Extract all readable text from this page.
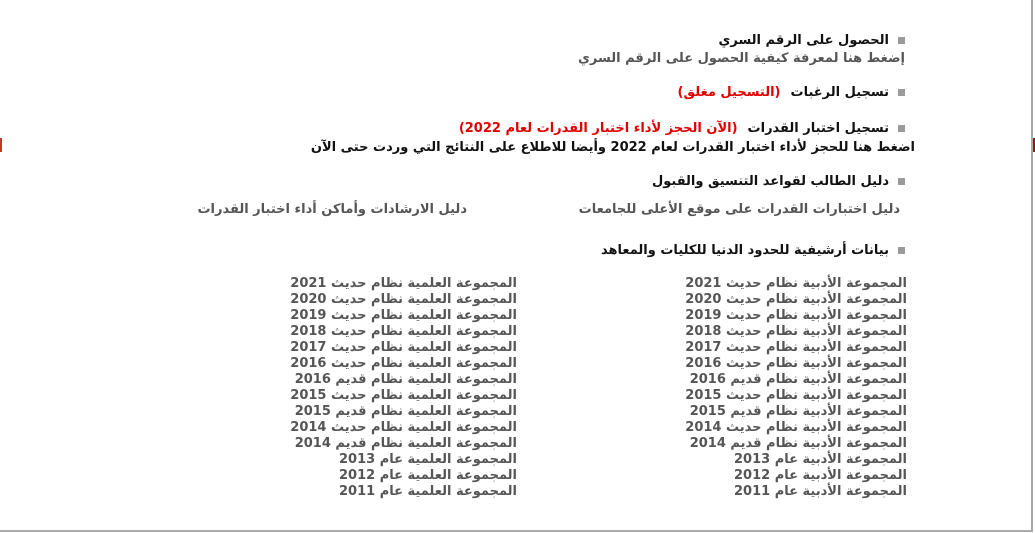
الحصول على الرقم السري
إضغط هنا لمعرفة كيفية الحصول على الرقم السري
تسجيل الرغبات(التسجيل مغلق)
تسجيل اختبار القدرات(الآن الحجز لأداء اختبار القدرات لعام 2022)
اضغط هنا للحجز لأداء اختبار القدرات لعام 2022 وأيضا للاطلاع على النتائج التي وردت حتى الآن
دليل الطالب لقواعد التنسيق والقبول
دليل اختبارات القدرات على موقع الأعلى للجامعات
دليل الارشادات وأماكن أداء اختبار القدرات
بيانات أرشيفية للحدود الدنيا للكليات والمعاهد
المجموعة الأدبية نظام حديث 2021
المجموعة الأدبية نظام حديث 2020
المجموعة الأدبية نظام حديث 2019
المجموعة الأدبية نظام حديث 2018
المجموعة الأدبية نظام حديث 2017
المجموعة الأدبية نظام حديث 2016
المجموعة الأدبية نظام قديم 2016
المجموعة الأدبية نظام حديث 2015
المجموعة الأدبية نظام قديم 2015
المجموعة الأدبية نظام حديث 2014
المجموعة الأدبية نظام قديم 2014
المجموعة الأدبية عام 2013
المجموعة الأدبية عام 2012
المجموعة الأدبية عام 2011
المجموعة العلمية نظام حديث 2021
المجموعة العلمية نظام حديث 2020
المجموعة العلمية نظام حديث 2019
المجموعة العلمية نظام حديث 2018
المجموعة العلمية نظام حديث 2017
المجموعة العلمية نظام حديث 2016
المجموعة العلمية نظام قديم 2016
المجموعة العلمية نظام حديث 2015
المجموعة العلمية نظام قديم 2015
المجموعة العلمية نظام حديث 2014
المجموعة العلمية نظام قديم 2014
المجموعة العلمية عام 2013
المجموعة العلمية عام 2012
المجموعة العلمية عام 2011
